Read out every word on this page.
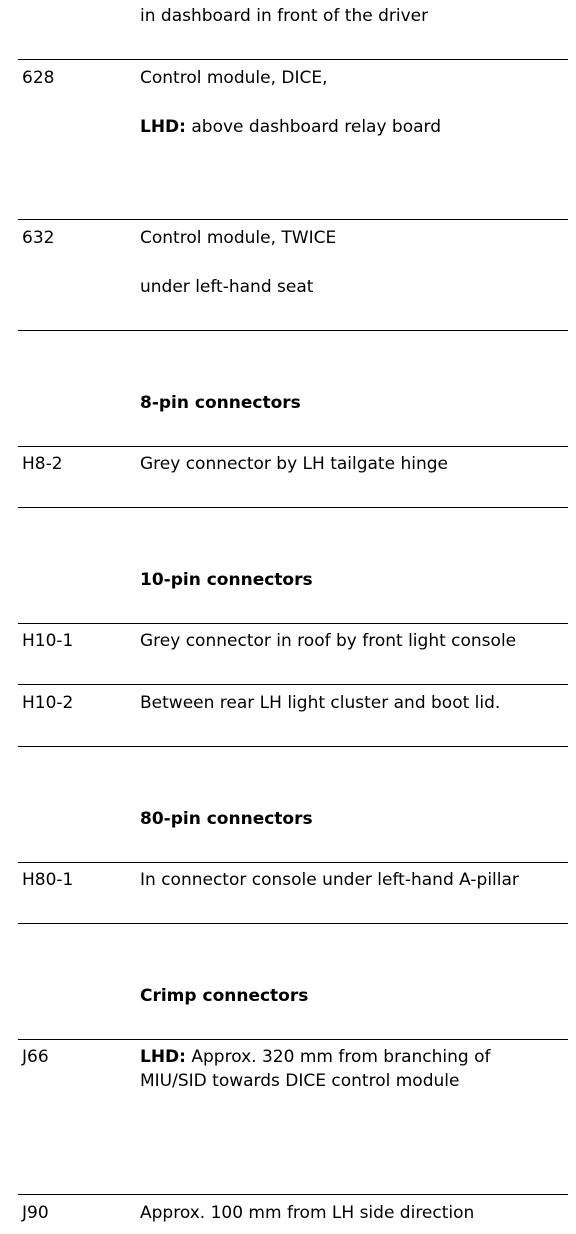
in dashboard in front of the driver

628	Control module, DICE,

LHD: above dashboard relay board

632	Control module, TWICE

under left-hand seat

8-pin connectors

H8-2	Grey connector by LH tailgate hinge

10-pin connectors

H10-1	Grey connector in roof by front light console

H10-2	Between rear LH light cluster and boot lid.

80-pin connectors

H80-1	In connector console under left-hand A-pillar

Crimp connectors

J66	LHD: Approx. 320 mm from branching of MIU/SID towards DICE control module

J90	Approx. 100 mm from LH side direction
